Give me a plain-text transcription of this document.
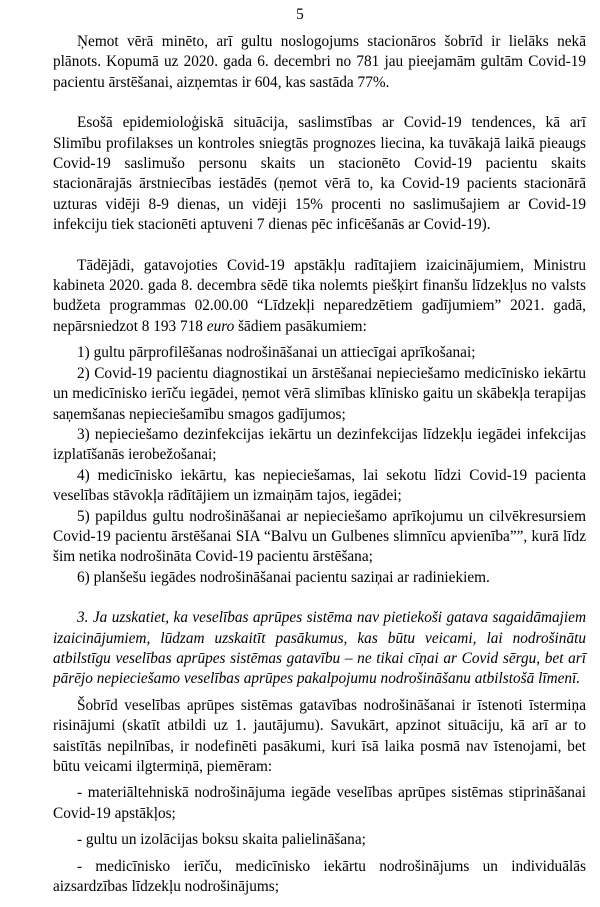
5

Ņemot vērā minēto, arī gultu noslogojums stacionāros šobrīd ir lielāks nekā plānots. Kopumā uz 2020. gada 6. decembri no 781 jau pieejamām gultām Covid-19 pacientu ārstēšanai, aizņemtas ir 604, kas sastāda 77%.

Esošā epidemioloģiskā situācija, saslimstības ar Covid-19 tendences, kā arī Slimību profilakses un kontroles sniegtās prognozes liecina, ka tuvākajā laikā pieaugs Covid-19 saslimušo personu skaits un stacionēto Covid-19 pacientu skaits stacionārajās ārstniecības iestādēs (ņemot vērā to, ka Covid-19 pacients stacionārā uzturas vidēji 8-9 dienas, un vidēji 15% procenti no saslimušajiem ar Covid-19 infekciju tiek stacionēti aptuveni 7 dienas pēc inficēšanās ar Covid-19).

Tādējādi, gatavojoties Covid-19 apstākļu radītajiem izaicinājumiem, Ministru kabineta 2020. gada 8. decembra sēdē tika nolemts piešķirt finanšu līdzekļus no valsts budžeta programmas 02.00.00 “Līdzekļi neparedzētiem gadījumiem” 2021. gadā, nepārsniedzot 8 193 718 euro šādiem pasākumiem:

1) gultu pārprofilēšanas nodrošināšanai un attiecīgai aprīkošanai;

2) Covid-19 pacientu diagnostikai un ārstēšanai nepieciešamo medicīnisko iekārtu un medicīnisko ierīču iegādei, ņemot vērā slimības klīnisko gaitu un skābekļa terapijas saņemšanas nepieciešamību smagos gadījumos;

3) nepieciešamo dezinfekcijas iekārtu un dezinfekcijas līdzekļu iegādei infekcijas izplatīšanās ierobežošanai;

4) medicīnisko iekārtu, kas nepieciešamas, lai sekotu līdzi Covid-19 pacienta veselības stāvokļa rādītājiem un izmaiņām tajos, iegādei;

5) papildus gultu nodrošināšanai ar nepieciešamo aprīkojumu un cilvēkresursiem Covid-19 pacientu ārstēšanai SIA “Balvu un Gulbenes slimnīcu apvienība””, kurā līdz šim netika nodrošināta Covid-19 pacientu ārstēšana;

6) planšešu iegādes nodrošināšanai pacientu saziņai ar radiniekiem.

3. Ja uzskatiet, ka veselības aprūpes sistēma nav pietiekoši gatava sagaidāmajiem izaicinājumiem, lūdzam uzskaitīt pasākumus, kas būtu veicami, lai nodrošinātu atbilstīgu veselības aprūpes sistēmas gatavību – ne tikai cīņai ar Covid sērgu, bet arī pārējo nepieciešamo veselības aprūpes pakalpojumu nodrošināšanu atbilstošā līmenī.

Šobrīd veselības aprūpes sistēmas gatavības nodrošināšanai ir īstenoti īstermiņa risinājumi (skatīt atbildi uz 1. jautājumu). Savukārt, apzinot situāciju, kā arī ar to saistītās nepilnības, ir nodefinēti pasākumi, kuri īsā laika posmā nav īstenojami, bet būtu veicami ilgtermiņā, piemēram:

- materiāltehniskā nodrošinājuma iegāde veselības aprūpes sistēmas stiprināšanai Covid-19 apstākļos;

- gultu un izolācijas boksu skaita palielināšana;

- medicīnisko ierīču, medicīnisko iekārtu nodrošinājums un individuālās aizsardzības līdzekļu nodrošinājums;
